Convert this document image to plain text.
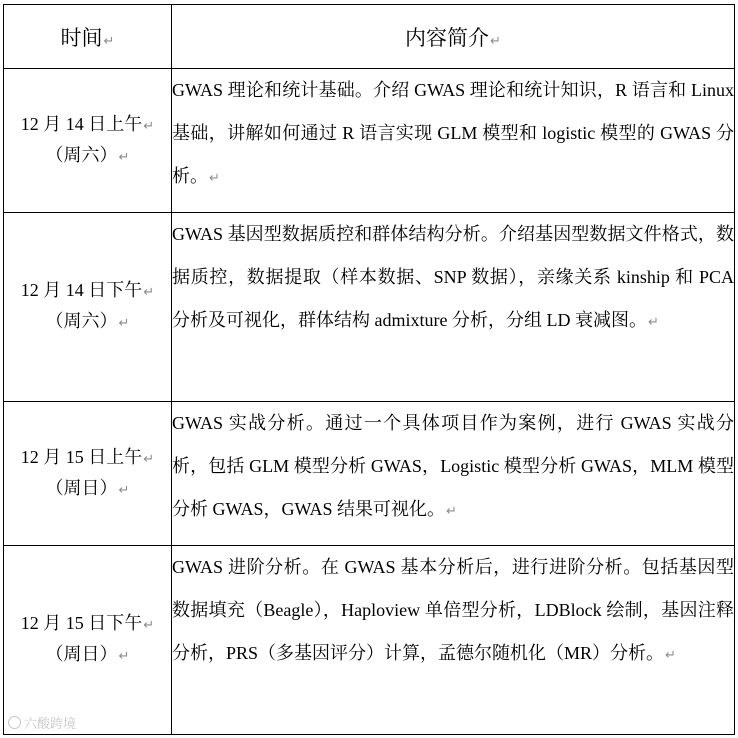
时间↵	内容简介↵

12 月 14 日上午↵
（周六）↵	GWAS 理论和统计基础。介绍 GWAS 理论和统计知识，R 语言和 Linux 基础，讲解如何通过 R 语言实现 GLM 模型和 logistic 模型的 GWAS 分析。↵

12 月 14 日下午↵
（周六）↵	GWAS 基因型数据质控和群体结构分析。介绍基因型数据文件格式，数据质控，数据提取（样本数据、SNP 数据），亲缘关系 kinship 和 PCA 分析及可视化，群体结构 admixture 分析，分组 LD 衰减图。↵

12 月 15 日上午↵
（周日）↵	GWAS 实战分析。通过一个具体项目作为案例，进行 GWAS 实战分析，包括 GLM 模型分析 GWAS，Logistic 模型分析 GWAS，MLM 模型分析 GWAS，GWAS 结果可视化。↵

12 月 15 日下午↵
（周日）↵	GWAS 进阶分析。在 GWAS 基本分析后，进行进阶分析。包括基因型数据填充（Beagle），Haploview 单倍型分析，LDBlock 绘制，基因注释分析，PRS（多基因评分）计算，孟德尔随机化（MR）分析。↵
六酸跨境
